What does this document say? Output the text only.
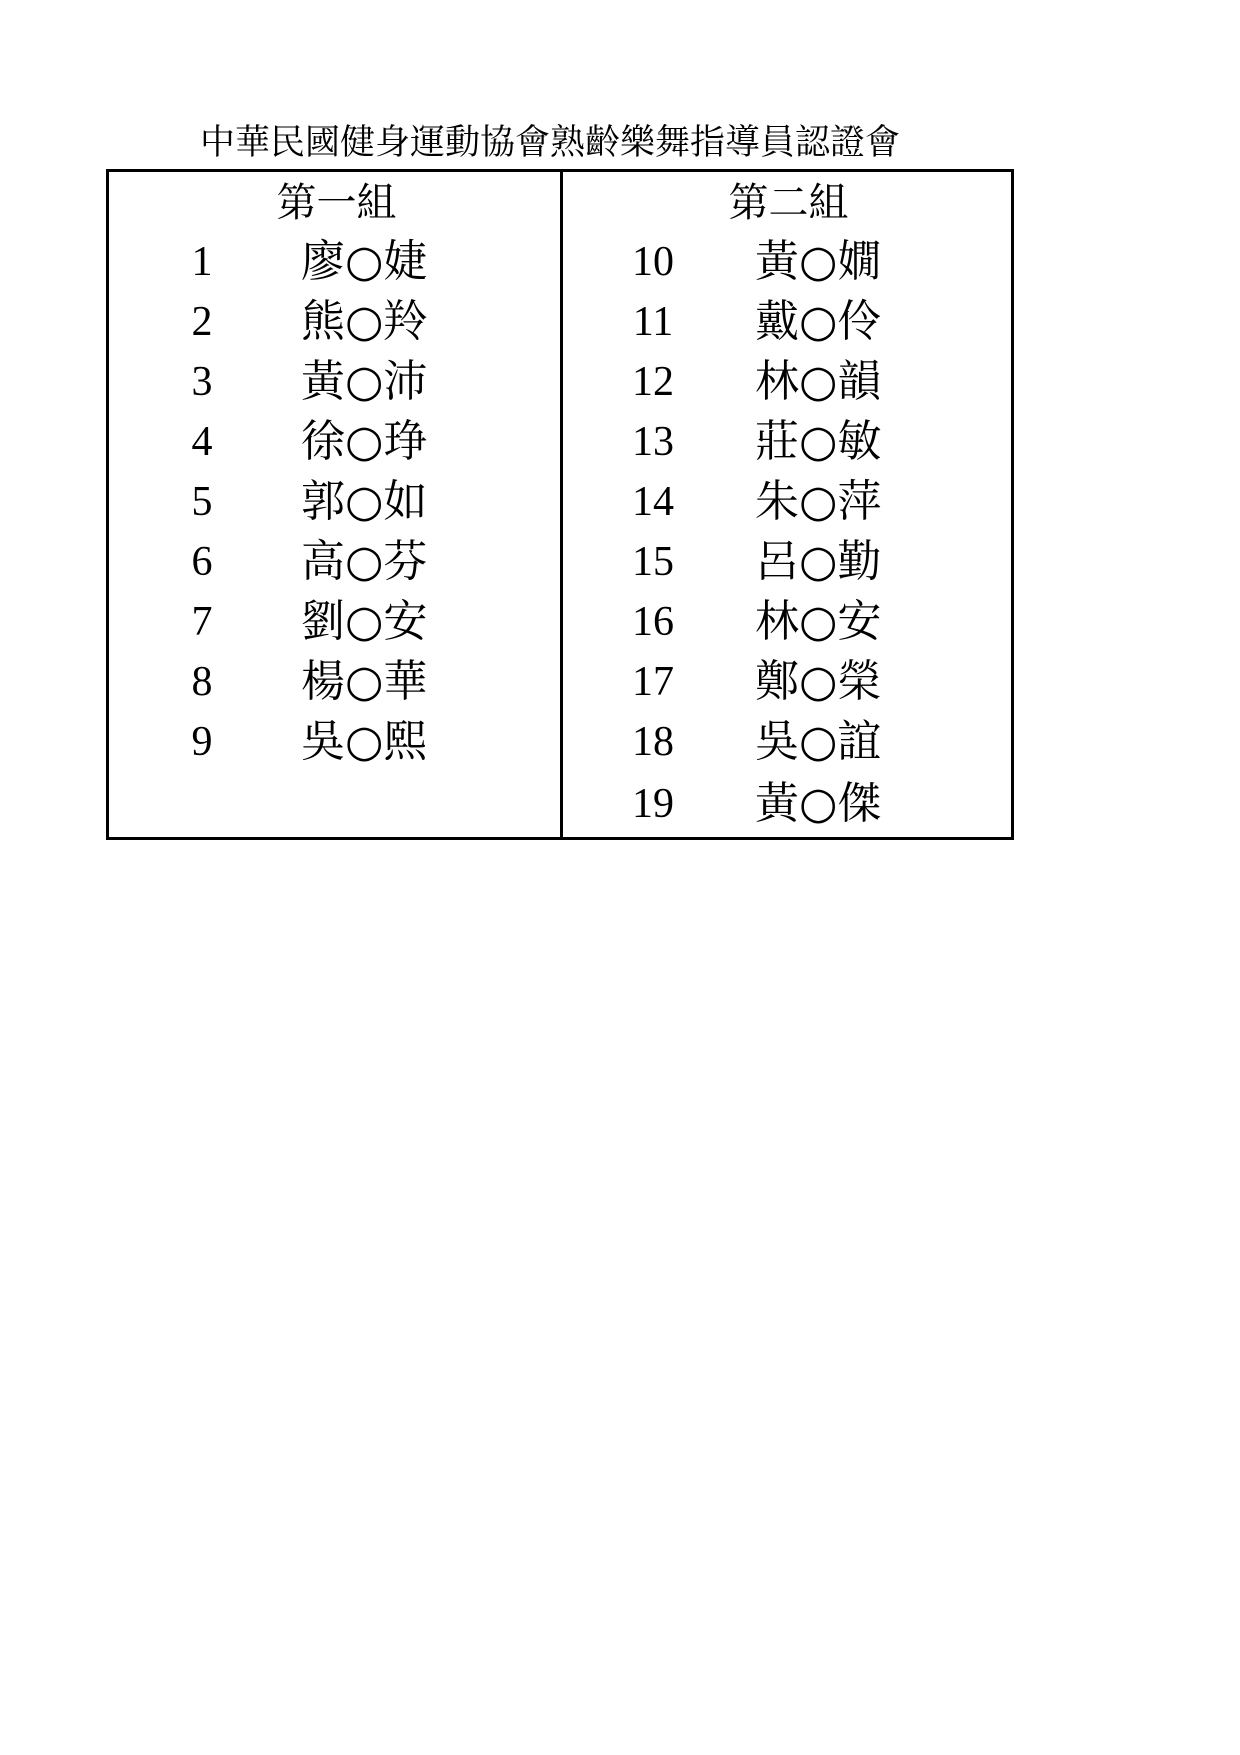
中華民國健身運動協會熟齡樂舞指導員認證會
第一組
1	廖○婕
2	熊○羚
3	黃○沛
4	徐○琤
5	郭○如
6	高○芬
7	劉○安
8	楊○華
9	吳○熙
第二組
10	黃○嫺
11	戴○伶
12	林○韻
13	莊○敏
14	朱○萍
15	呂○勤
16	林○安
17	鄭○榮
18	吳○誼
19	黃○傑
